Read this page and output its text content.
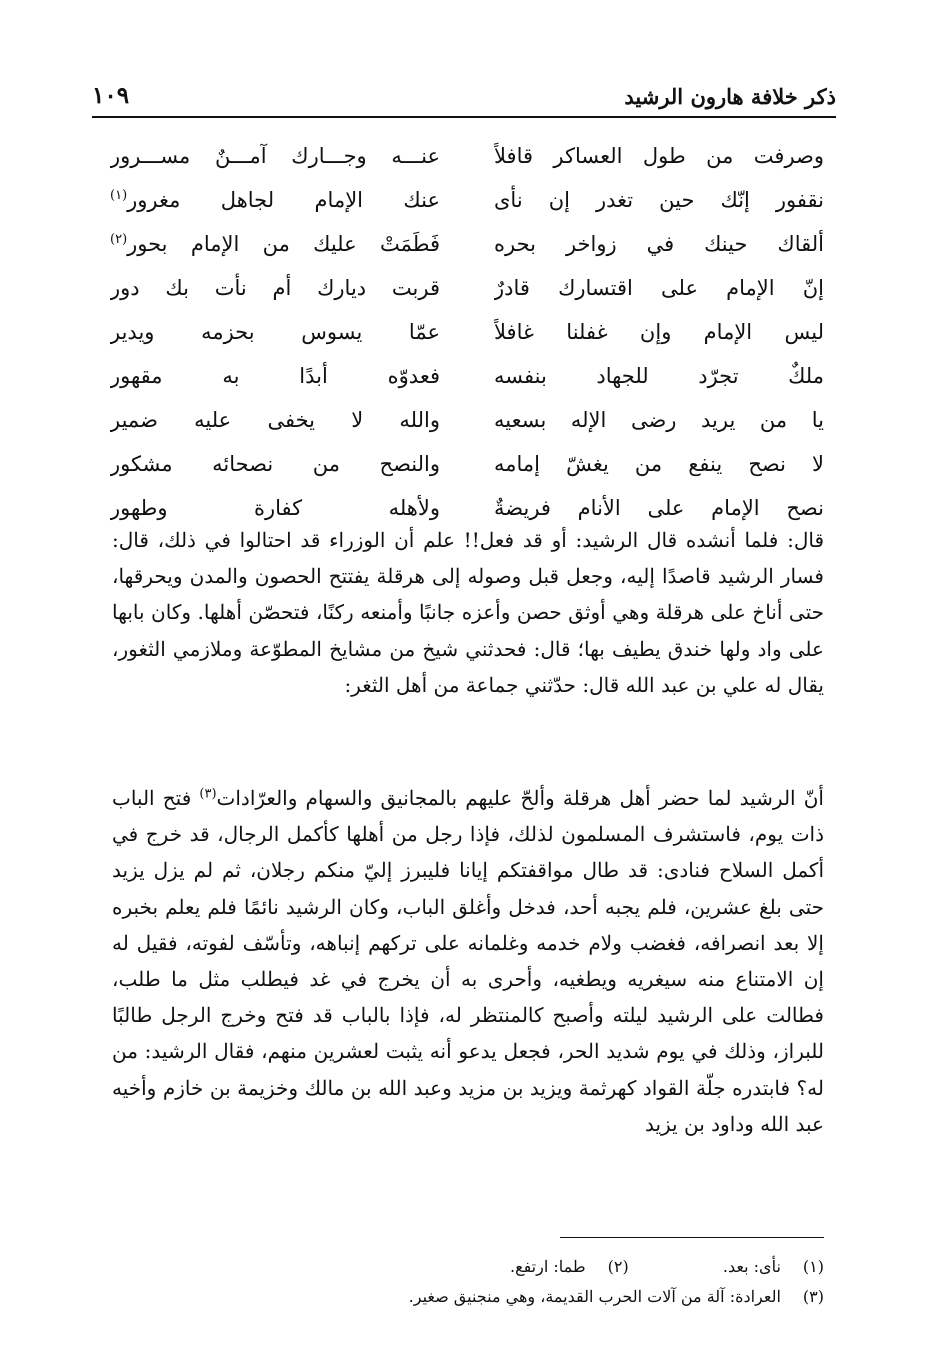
ذكر خلافة هارون الرشيد
١٠٩
وصرفت من طول العساكر قافلاً
عنـــه وجـــارك آمـــنٌ مســـرور
نقفور إنّك حين تغدر إن نأى
عنك الإمام لجاهل مغرور$^{(١)}$
ألقاك حينك في زواخر بحره
فَطَمَتْ عليك من الإمام بحور$^{(٢)}$
إنّ الإمام على اقتسارك قادرٌ
قربت ديارك أم نأت بك دور
ليس الإمام وإن غفلنا غافلاً
عمّا يسوس بحزمه ويدير
ملكٌ تجرّد للجهاد بنفسه
فعدوّه أبدًا به مقهور
يا من يريد رضى الإله بسعيه
والله لا يخفى عليه ضمير
لا نصح ينفع من يغشّ إمامه
والنصح من نصحائه مشكور
نصح الإمام على الأنام فريضةٌ
ولأهله كفارة وطهور

قال: فلما أنشده قال الرشيد: أو قد فعل!! علم أن الوزراء قد احتالوا في ذلك، قال: فسار الرشيد قاصدًا إليه، وجعل قبل وصوله إلى هرقلة يفتتح الحصون والمدن ويحرقها، حتى أناخ على هرقلة وهي أوثق حصن وأعزه جانبًا وأمنعه ركنًا، فتحصّن أهلها. وكان بابها على واد ولها خندق يطيف بها؛ قال: فحدثني شيخ من مشايخ المطوّعة وملازمي الثغور، يقال له علي بن عبد الله قال: حدّثني جماعة من أهل الثغر:

أنّ الرشيد لما حضر أهل هرقلة وألحّ عليهم بالمجانيق والسهام والعرّادات$^{(٣)}$ فتح الباب ذات يوم، فاستشرف المسلمون لذلك، فإذا رجل من أهلها كأكمل الرجال، قد خرج في أكمل السلاح فنادى: قد طال مواقفتكم إيانا فليبرز إليّ منكم رجلان، ثم لم يزل يزيد حتى بلغ عشرين، فلم يجبه أحد، فدخل وأغلق الباب، وكان الرشيد نائمًا فلم يعلم بخبره إلا بعد انصرافه، فغضب ولام خدمه وغلمانه على تركهم إنباهه، وتأسّف لفوته، فقيل له إن الامتناع منه سيغريه ويطغيه، وأحرى به أن يخرج في غد فيطلب مثل ما طلب، فطالت على الرشيد ليلته وأصبح كالمنتظر له، فإذا بالباب قد فتح وخرج الرجل طالبًا للبراز، وذلك في يوم شديد الحر، فجعل يدعو أنه يثبت لعشرين منهم، فقال الرشيد: من له؟ فابتدره جلّة القواد كهرثمة ويزيد بن مزيد وعبد الله بن مالك وخزيمة بن خازم وأخيه عبد الله وداود بن يزيد

(١) نأى: بعد.  (٢) طما: ارتفع.
(٣) العرادة: آلة من آلات الحرب القديمة، وهي منجنيق صغير.
